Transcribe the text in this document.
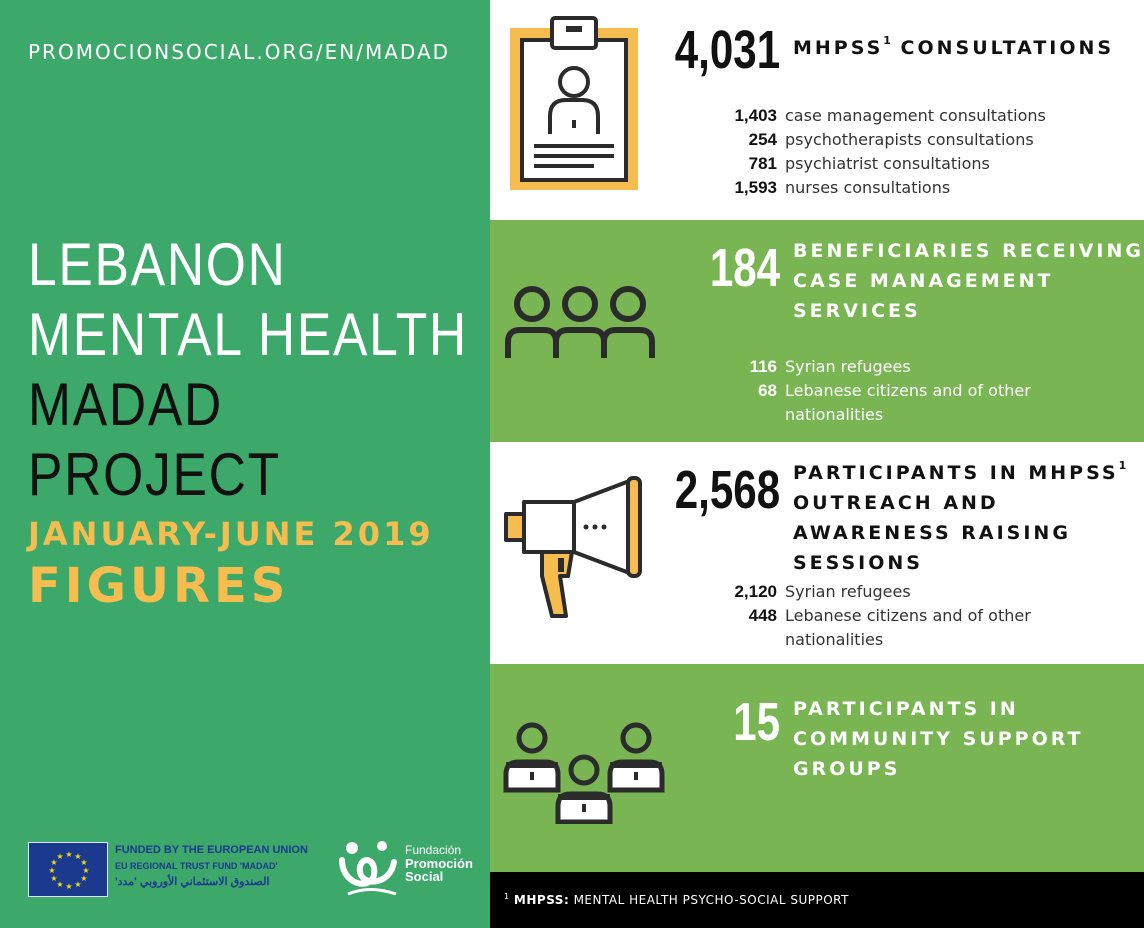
PROMOCIONSOCIAL.ORG/EN/MADAD
LEBANON
MENTAL HEALTH
MADAD
PROJECT
JANUARY-JUNE 2019
FIGURES
★ ★
★
★
★
★
★
★
★
★
★
★
FUNDED BY THE EUROPEAN UNION
EU REGIONAL TRUST FUND 'MADAD'
الصندوق الاستئماني الأوروبي 'مدد'
Fundación
Promoción
Social
4,031 MHPSS$^1$ CONSULTATIONS
1,403 case management consultations
254 psychotherapists consultations
781 psychiatrist consultations
1,593 nurses consultations
184 BENEFICIARIES RECEIVING
CASE MANAGEMENT
SERVICES
116 Syrian refugees
68 Lebanese citizens and of other nationalities
2,568 PARTICIPANTS IN MHPSS$^1$
OUTREACH AND
AWARENESS RAISING
SESSIONS
2,120 Syrian refugees
448 Lebanese citizens and of other nationalities
15 PARTICIPANTS IN
COMMUNITY SUPPORT
GROUPS
$^1$ MHPSS: MENTAL HEALTH PSYCHO-SOCIAL SUPPORT
